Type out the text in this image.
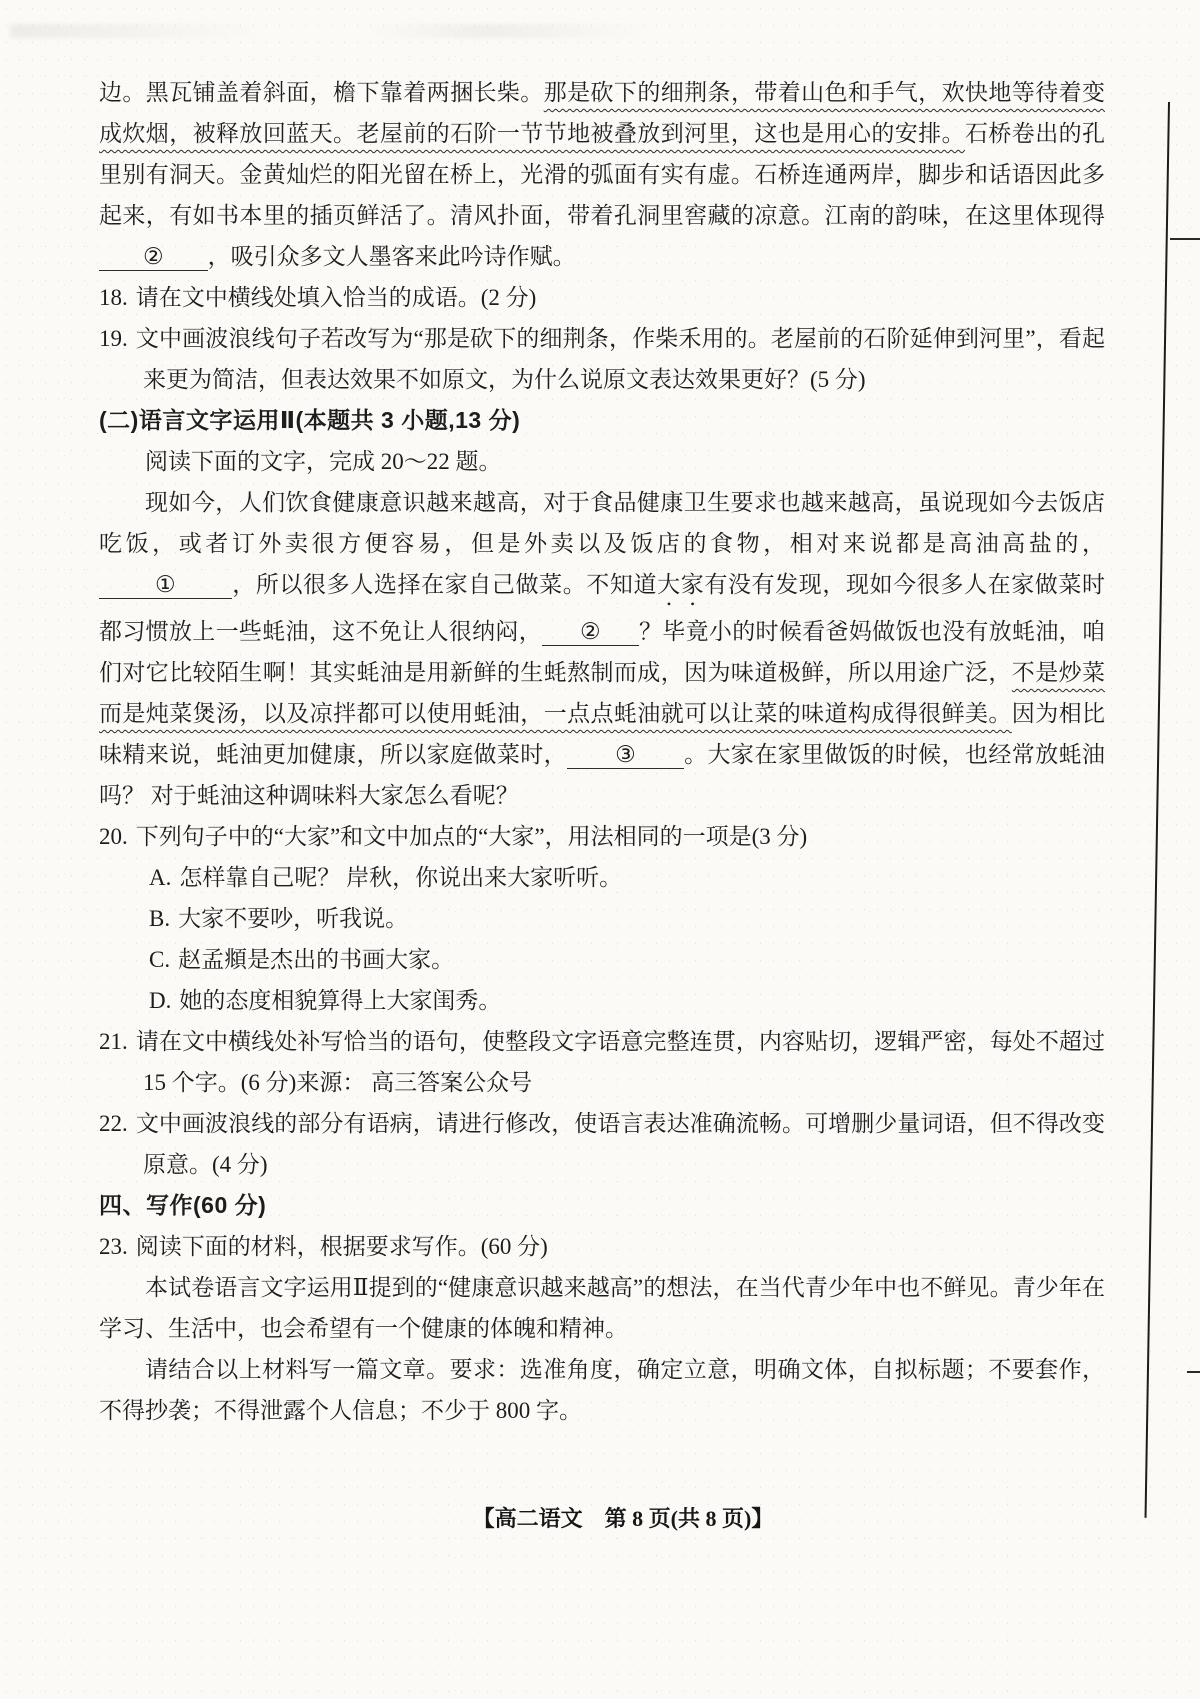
边。黑瓦铺盖着斜面，檐下靠着两捆长柴。那是砍下的细荆条，带着山色和手气，欢快地等待着变成炊烟，被释放回蓝天。老屋前的石阶一节节地被叠放到河里，这也是用心的安排。石桥卷出的孔里别有洞天。金黄灿烂的阳光留在桥上，光滑的弧面有实有虚。石桥连通两岸，脚步和话语因此多起来，有如书本里的插页鲜活了。清风扑面，带着孔洞里窖藏的凉意。江南的韵味，在这里体现得② ，吸引众多文人墨客来此吟诗作赋。

18. 请在文中横线处填入恰当的成语。(2 分)

19. 文中画波浪线句子若改写为“那是砍下的细荆条，作柴禾用的。老屋前的石阶延伸到河里”，看起来更为简洁，但表达效果不如原文，为什么说原文表达效果更好？(5 分)

(二)语言文字运用Ⅱ(本题共 3 小题,13 分)

阅读下面的文字，完成 20～22 题。

现如今，人们饮食健康意识越来越高，对于食品健康卫生要求也越来越高，虽说现如今去饭店吃饭，或者订外卖很方便容易，但是外卖以及饭店的食物，相对来说都是高油高盐的，① ，所以很多人选择在家自己做菜。不知道大家有没有发现，现如今很多人在家做菜时都习惯放上一些蚝油，这不免让人很纳闷， ② ？毕竟小的时候看爸妈做饭也没有放蚝油，咱们对它比较陌生啊！其实蚝油是用新鲜的生蚝熬制而成，因为味道极鲜，所以用途广泛，不是炒菜而是炖菜煲汤，以及凉拌都可以使用蚝油，一点点蚝油就可以让菜的味道构成得很鲜美。因为相比味精来说，蚝油更加健康，所以家庭做菜时， ③ 。大家在家里做饭的时候，也经常放蚝油吗？ 对于蚝油这种调味料大家怎么看呢？

20. 下列句子中的“大家”和文中加点的“大家”，用法相同的一项是(3 分)

A. 怎样靠自己呢？ 岸秋，你说出来大家听听。

B. 大家不要吵，听我说。

C. 赵孟頫是杰出的书画大家。

D. 她的态度相貌算得上大家闺秀。

21. 请在文中横线处补写恰当的语句，使整段文字语意完整连贯，内容贴切，逻辑严密，每处不超过 15 个字。(6 分)来源： 高三答案公众号

22. 文中画波浪线的部分有语病，请进行修改，使语言表达准确流畅。可增删少量词语，但不得改变原意。(4 分)

四、写作(60 分)

23. 阅读下面的材料，根据要求写作。(60 分)

本试卷语言文字运用Ⅱ提到的“健康意识越来越高”的想法，在当代青少年中也不鲜见。青少年在学习、生活中，也会希望有一个健康的体魄和精神。

请结合以上材料写一篇文章。要求：选准角度，确定立意，明确文体，自拟标题；不要套作，不得抄袭；不得泄露个人信息；不少于 800 字。

【高二语文　第 8 页(共 8 页)】
